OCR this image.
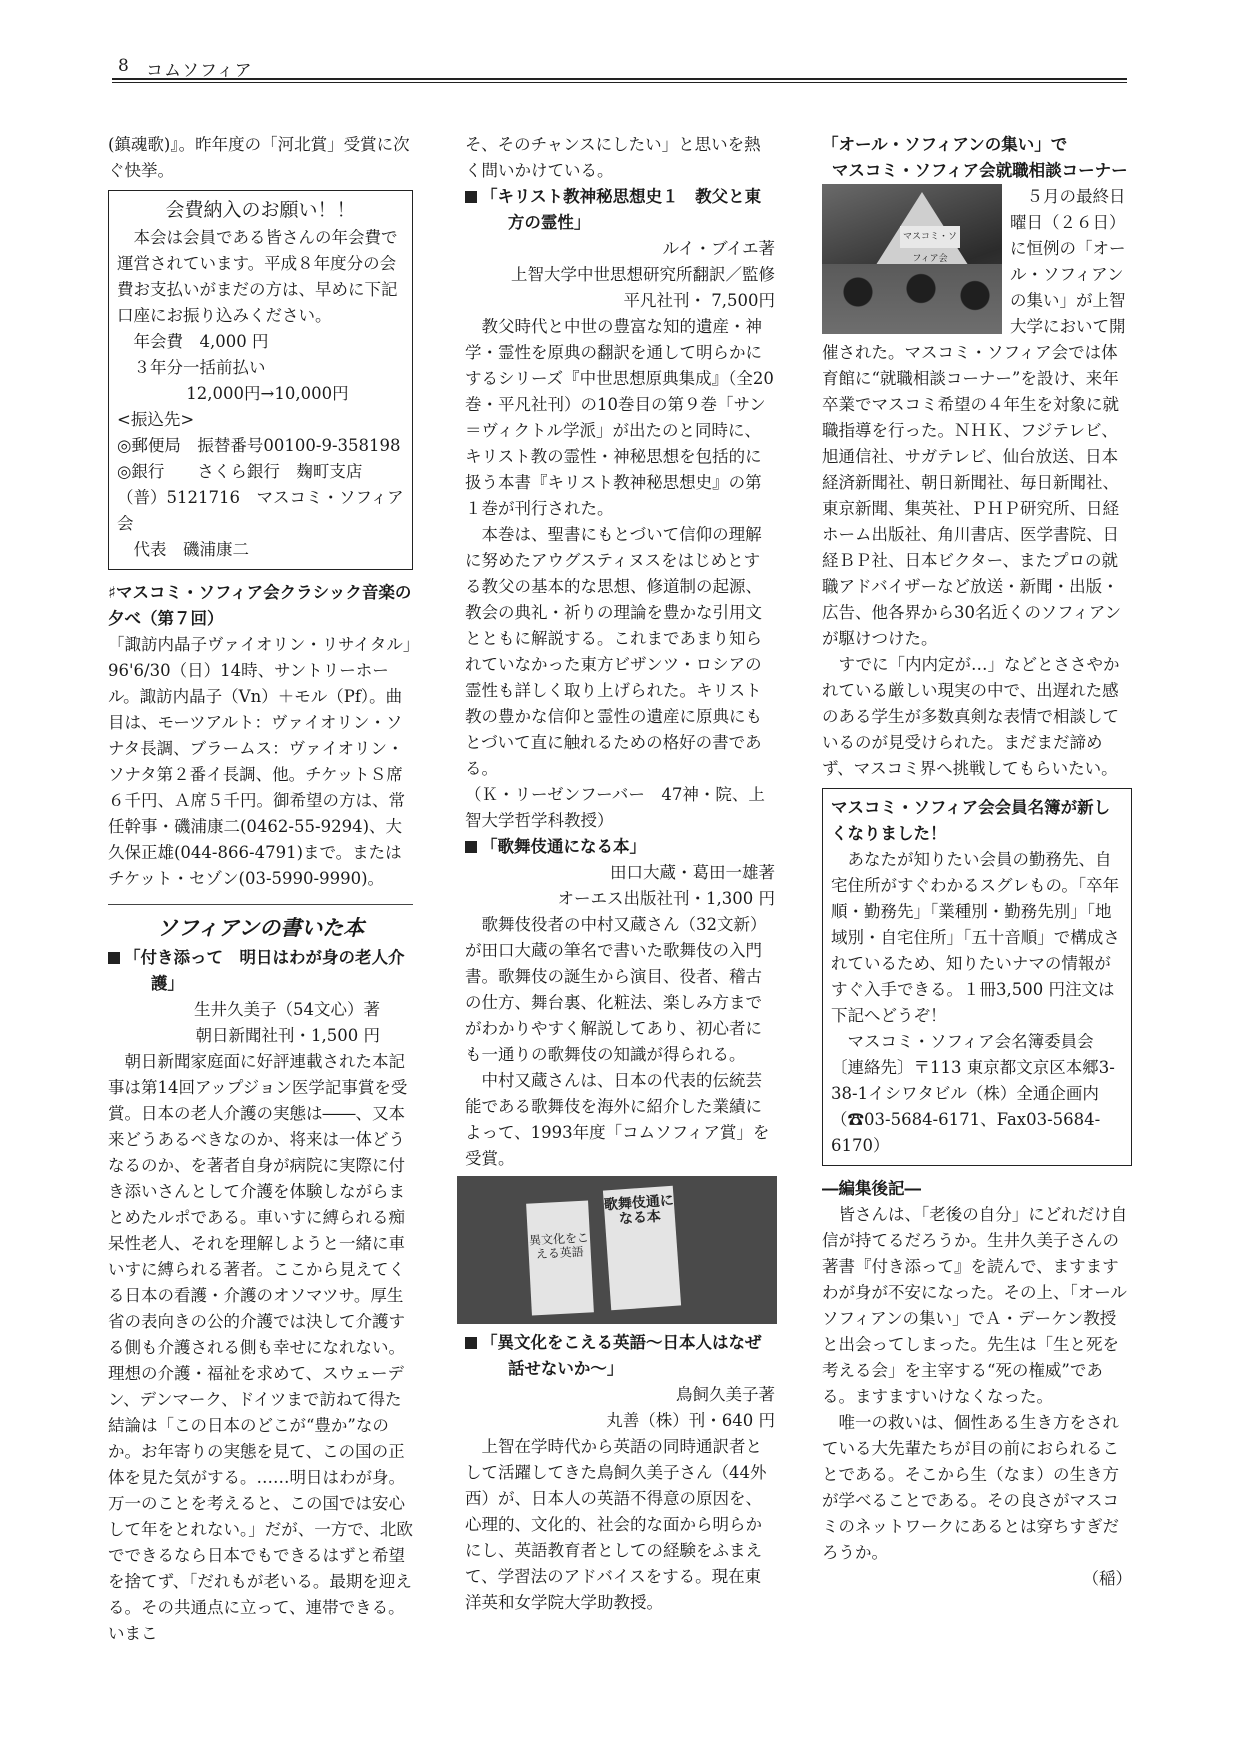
8 コムソフィア

(鎮魂歌)』。昨年度の「河北賞」受賞に次ぐ快挙。

会費納入のお願い！！

本会は会員である皆さんの年会費で運営されています。平成８年度分の会費お支払いがまだの方は、早めに下記口座にお振り込みください。

年会費　4,000 円

３年分一括前払い

12,000円→10,000円

<振込先>

◎郵便局　振替番号00100-9-358198

◎銀行　　さくら銀行　麹町支店

（普）5121716　マスコミ・ソフィア会

代表　磯浦康二

♯マスコミ・ソフィア会クラシック音楽の夕べ（第７回）

「諏訪内晶子ヴァイオリン・リサイタル」96'6/30（日）14時、サントリーホール。諏訪内晶子（Vn）＋モル（Pf）。曲目は、モーツアルト：ヴァイオリン・ソナタ長調、ブラームス：ヴァイオリン・ソナタ第２番イ長調、他。チケットＳ席６千円、Ａ席５千円。御希望の方は、常任幹事・磯浦康二(0462-55-9294)、大久保正雄(044-866-4791)まで。またはチケット・セゾン(03-5990-9990)。

ソフィアンの書いた本

「付き添って　明日はわが身の老人介護」

生井久美子（54文心）著

朝日新聞社刊・1,500 円

朝日新聞家庭面に好評連載された本記事は第14回アップジョン医学記事賞を受賞。日本の老人介護の実態は――、又本来どうあるべきなのか、将来は一体どうなるのか、を著者自身が病院に実際に付き添いさんとして介護を体験しながらまとめたルポである。車いすに縛られる痴呆性老人、それを理解しようと一緒に車いすに縛られる著者。ここから見えてくる日本の看護・介護のオソマツサ。厚生省の表向きの公的介護では決して介護する側も介護される側も幸せになれない。理想の介護・福祉を求めて、スウェーデン、デンマーク、ドイツまで訪ねて得た結論は「この日本のどこが“豊か”なのか。お年寄りの実態を見て、この国の正体を見た気がする。……明日はわが身。万一のことを考えると、この国では安心して年をとれない。」だが、一方で、北欧でできるなら日本でもできるはずと希望を捨てず、「だれもが老いる。最期を迎える。その共通点に立って、連帯できる。いまこ

そ、そのチャンスにしたい」と思いを熱く問いかけている。

「キリスト教神秘思想史１　教父と東方の霊性」

ルイ・ブイエ著

上智大学中世思想研究所翻訳／監修

平凡社刊・ 7,500円

教父時代と中世の豊富な知的遺産・神学・霊性を原典の翻訳を通して明らかにするシリーズ『中世思想原典集成』（全20巻・平凡社刊）の10巻目の第９巻「サン＝ヴィクトル学派」が出たのと同時に、キリスト教の霊性・神秘思想を包括的に扱う本書『キリスト教神秘思想史』の第１巻が刊行された。

本巻は、聖書にもとづいて信仰の理解に努めたアウグスティヌスをはじめとする教父の基本的な思想、修道制の起源、教会の典礼・祈りの理論を豊かな引用文とともに解説する。これまであまり知られていなかった東方ビザンツ・ロシアの霊性も詳しく取り上げられた。キリスト教の豊かな信仰と霊性の遺産に原典にもとづいて直に触れるための格好の書である。

（Ｋ・リーゼンフーバー　47神・院、上智大学哲学科教授）

「歌舞伎通になる本」

田口大蔵・葛田一雄著

オーエス出版社刊・1,300 円

歌舞伎役者の中村又蔵さん（32文新）が田口大蔵の筆名で書いた歌舞伎の入門書。歌舞伎の誕生から演目、役者、稽古の仕方、舞台裏、化粧法、楽しみ方までがわかりやすく解説してあり、初心者にも一通りの歌舞伎の知識が得られる。

中村又蔵さんは、日本の代表的伝統芸能である歌舞伎を海外に紹介した業績によって、1993年度「コムソフィア賞」を受賞。

異文化をこえる英語
歌舞伎通になる本

「異文化をこえる英語～日本人はなぜ話せないか～」

鳥飼久美子著

丸善（株）刊・640 円

上智在学時代から英語の同時通訳者として活躍してきた鳥飼久美子さん（44外西）が、日本人の英語不得意の原因を、心理的、文化的、社会的な面から明らかにし、英語教育者としての経験をふまえて、学習法のアドバイスをする。現在東洋英和女学院大学助教授。

「オール・ソフィアンの集い」で

マスコミ・ソフィア会就職相談コーナー

マスコミ・ソフィア会

５月の最終日曜日（２６日）に恒例の「オール・ソフィアンの集い」が上智大学において開催された。マスコミ・ソフィア会では体育館に“就職相談コーナー”を設け、来年卒業でマスコミ希望の４年生を対象に就職指導を行った。ＮＨＫ、フジテレビ、旭通信社、サガテレビ、仙台放送、日本経済新聞社、朝日新聞社、毎日新聞社、東京新聞、集英社、ＰＨＰ研究所、日経ホーム出版社、角川書店、医学書院、日経ＢＰ社、日本ビクター、またプロの就職アドバイザーなど放送・新聞・出版・広告、他各界から30名近くのソフィアンが駆けつけた。

すでに「内内定が…」などとささやかれている厳しい現実の中で、出遅れた感のある学生が多数真剣な表情で相談しているのが見受けられた。まだまだ諦めず、マスコミ界へ挑戦してもらいたい。

マスコミ・ソフィア会会員名簿が新しくなりました！

あなたが知りたい会員の勤務先、自宅住所がすぐわかるスグレもの。「卒年順・勤務先」「業種別・勤務先別」「地域別・自宅住所」「五十音順」で構成されているため、知りたいナマの情報がすぐ入手できる。１冊3,500 円注文は下記へどうぞ！

マスコミ・ソフィア会名簿委員会

〔連絡先〕〒113 東京都文京区本郷3-38-1イシワタビル（株）全通企画内

（☎03-5684-6171、Fax03-5684-6170）

―編集後記―

皆さんは、「老後の自分」にどれだけ自信が持てるだろうか。生井久美子さんの著書『付き添って』を読んで、ますますわが身が不安になった。その上、「オールソフィアンの集い」でＡ・デーケン教授と出会ってしまった。先生は「生と死を考える会」を主宰する“死の権威”である。ますますいけなくなった。

唯一の救いは、個性ある生き方をされている大先輩たちが目の前におられることである。そこから生（なま）の生き方が学べることである。その良さがマスコミのネットワークにあるとは穿ちすぎだろうか。

（稲）
